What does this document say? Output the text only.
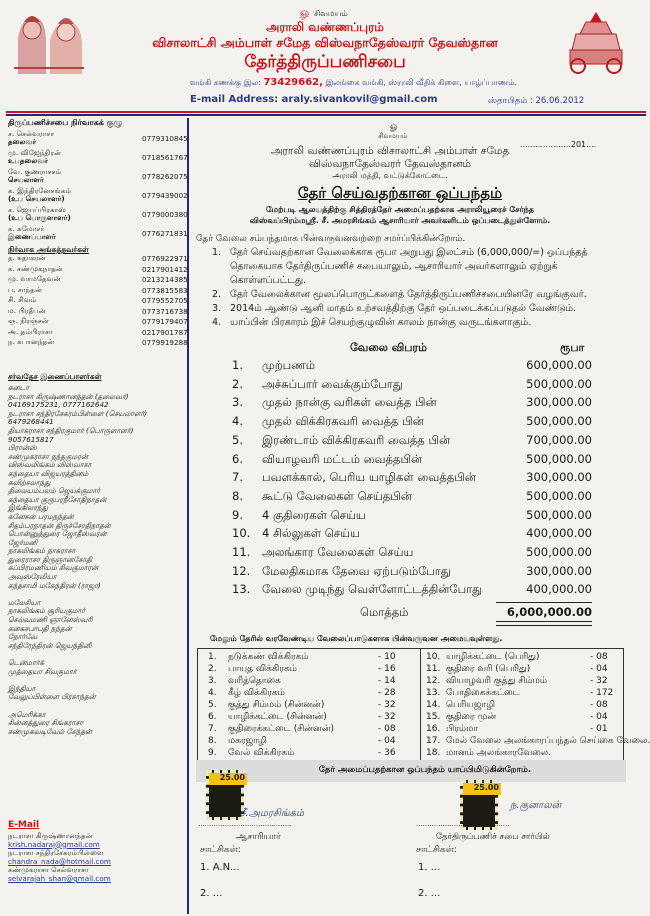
ௐ சிவமயம்
அராலி வண்ணப்புரம்
விசாலாட்சி அம்பாள் சமேத விஸ்வநாதேஸ்வரர் தேவஸ்தான
தேர்த்திருப்பணிசபை
வங்கி கணக்கு இல: 73429662, இலங்கை வங்கி, ஸ்ராலி வீதிக் கிளை, யாழ்ப்பாணம்.
E-mail Address: araly.sivankovil@gmail.com	ஸ்தாபிதம் : 26.06.2012
திருப்பணிச்சபை நிர்வாகக் குழு
ச. செல்வராசா
தலைவர்	0779310845
மு. விஜேந்திரன்
உபதலைவர்	0718561767
வே. குணராசசம்
செயலாளர்	0778262075
க. இந்திரனேசங்கம்
(உப செயலாளர்)	0779439002
ச. ஜெயப்பிரகாஸ்
(உப பொருளாளர்)	0779000380
க. சுமோசர்
இணைப்பாளர்	0776271831
நிர்வாக அங்கத்தவர்கள்
த. சுதாகரன்	0776922971
க. சண்முகநாதன்	0217901412
மு. வாமதேவன்	0213214385
ப. சாந்தன்	0773815583
சி. சிவம்	0779552705
ம. பிரதீபன்	0773716738
ஞ. நிரஞ்சன்	0779179407
அ. தம்பிராசா	0217901787
ந. சுபானந்தன்	0779919288
சர்வதேச இணைப்பாளர்கள்
கனடா
நடராசா கிருஷ்ணானந்தன் (தலைவர்)
04169175231, 0777162642
நடராசா சந்திரசேகரம்பிள்ளை (செயலாளர்)
6479268441
தியாகராசா சந்திரகுமார் (பொருளாளர்)
9057615817
பிரான்ஸ்
சண்முகராசா நந்தகுமரன்
விஸ்வலிங்கம் விஸ்வாசா
கந்தையா விஜயரத்தினம்
சுவிற்சலாந்து
திலையம்பலம் ஜெயக்குமார்
கந்தையா குருபரநீசோதிநாதன்
இங்கிலாந்து
கனேசன் பரமநந்தன்
சிதம்பரநாதன் திருச்சோதிநாதன்
பொன்னுத்துரை ஜோதீஸ்வரன்
ஜேர்மனி
நாகலிங்கம் நாகராசா
துரைராசா திருஞானசோதி
சுப்பிரமணியம் சிவகுமாரன்
அவுஸ்ரேலியா
கந்தசாமி மகேந்திரன் (ராஜா)
மலேசியா
நாகலிங்கம் சூரியகுமார்
செல்வமணி ஞானேஸ்வரி
கனகசபாபதி நந்தன்
நோர்வே
சந்திரேந்திரன் ஜெயந்தினி
டென்மார்க்
முத்தையா சிவகுமார்
இந்தியா
வேலுப்பிள்ளை பிரசாந்தன்
அமெரிக்கா
சின்னத்துரை சிங்கராசா
சண்முகவடிவேல் சேந்தன்
E-Mail
நடராசா கிருஷ்ணானந்தன்
krish.nadaraj@gmail.com
நடராசா சந்திரசேகரம்பிள்ளை
chandra_nada@hotmail.com
சண்முகராசா செல்வராசா
selvarajah_shan@gmail.com
ௐ
சிவமயம்
....................201....
அராலி வண்ணப்புரம் விசாலாட்சி அம்பாள் சமேத
விஸ்வநாதேஸ்வரர் தேவஸ்தானம்
அராலி மத்தி, வட்டுக்கோட்டை.
தேர் செய்வதற்கான ஒப்பந்தம்
மேற்படி ஆலயத்திற்கு சித்திரத்தேர் அமைப்பதற்காக அராலியூரைச் சேர்ந்த
விஸ்வப்பிரம்மஸ்ரீ. சீ. அமரசிங்கம் ஆசாரியார் அவர்களிடம் ஒப்படைத்துள்ளோம்.
தேர் வேலை சம்பந்தமாக பின்வருவனவற்றை சமர்ப்பிக்கின்றோம்.
1. தேர் செய்வதற்கான வேலைக்காக ரூபா அறுபது இலட்சம் (6,000,000/=) ஒப்பந்தத்
தொகையாக தேர்திருப்பணிச் சபையாலும், ஆசாரியார் அவர்களாலும் ஏற்றுக்
கொள்ளப்பட்டது.
2. தேர் வேலைக்கான மூலப்பொருட்களைத் தேர்த்திருப்பணிச்சபையினரே வழங்குவர்.
3. 2014ம் ஆண்டு ஆனி மாதம் உற்சவத்திற்கு தேர் ஒப்படைக்கப்படுதல் வேண்டும்.
4. யாப்பின் பிரகாரம் இச் செயற்குழுவின் காலம் நான்கு வருடங்களாகும்.
வேலை விபரம்	ரூபா
1. முற்பணம்	600,000.00
2. அச்சுப்பார் வைக்கும்போது	500,000.00
3. முதல் நான்கு வரிகள் வைத்த பின்	300,000.00
4. முதல் விக்கிரகவரி வைத்த பின்	500,000.00
5. இரண்டாம் விக்கிரகவரி வைத்த பின்	700,000.00
6. வியாழவரி மட்டம் வைத்தபின்	500,000.00
7. பவளக்கால், பெரிய யாழிகள் வைத்தபின்	300,000.00
8. கூட்டு வேலைகள் செய்தபின்	500,000.00
9. 4 குதிரைகள் செய்ய	500,000.00
10. 4 சில்லுகள் செய்ய	400,000.00
11. அலங்கார வேலைகள் செய்ய	500,000.00
12. மேலதிகமாக தேவை ஏற்படும்போது	300,000.00
13. வேலை முடிந்து வெள்ளோட்டத்தின்போது	400,000.00
மொத்தம்	6,000,000.00
மேலும் தேரில் வரவேண்டிய வேலைப்பாடுகளாக பின்வருவன அமையவுள்ளது.
1. நடுக்கண் விக்கிரகம்	- 10
2. பாயுத விக்கிரகம்	- 16
3. வரித்தொகை	- 14
4. கீழ் விக்கிரகம்	- 28
5. குத்து சிம்மம் (சின்னன்)	- 32
6. யாழிக்கட்டை (சின்னன்)	- 32
7. குதிரைக்கட்டை (சின்னன்)	- 08
8. மகரஜாழி	- 04
9. வேல் விக்கிரகம்	- 36
10. யாழிக்கட்டை (பெரிது)	- 08
11. குதிரை வரி (பெரிது)	- 04
12. வியாழவரி குத்து சிம்மம்	- 32
13. போதிகைக்கட்டை	- 172
14. பெரியஜாழி	- 08
15. குதிரை முன்	- 04
16. பிரம்மா	- 01
17. மேல் வேலை அலங்காரப்பந்தல் செய்கை வேலை.
18. மானம் அலங்காரவேலை.
தேர் அமைப்பதற்கான ஒப்பந்தம் யாப்பிமிடுகின்றோம்.
25.00
25.00
சீ.அமரசிங்கம்
ந.குனாலன்
..........................................	..........................................
ஆசாரியார்	தேர்திருப்பணிச் சபை சார்பில்
சாட்சிகள்:	சாட்சிகள்:
1. A.N...
2. ...
1. ...
2. ...
